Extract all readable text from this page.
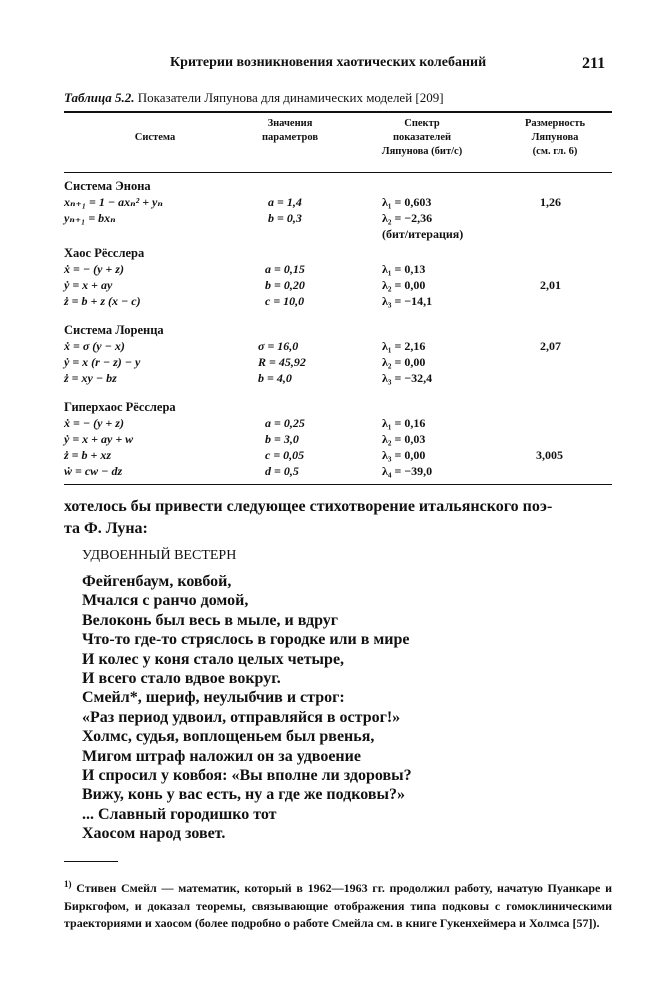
Критерии возникновения хаотических колебаний	211
Таблица 5.2. Показатели Ляпунова для динамических моделей [209]
Система
Значения
параметров
Спектр
показателей
Ляпунова (бит/с)
Размерность
Ляпунова
(см. гл. 6)
Система Энона
xₙ₊₁ = 1 − axₙ² + yₙ
yₙ₊₁ = bxₙ
a = 1,4
b = 0,3
λ₁ = 0,603
λ₂ = −2,36
(бит/итерация)
1,26
Хаос Рёсслера
ẋ = − (y + z)
ẏ = x + ay
ż = b + z (x − c)
a = 0,15
b = 0,20
c = 10,0
λ₁ = 0,13
λ₂ = 0,00
λ₃ = −14,1
2,01
Система Лоренца
ẋ = σ (y − x)
ẏ = x (r − z) − y
ż = xy − bz
σ = 16,0
R = 45,92
b = 4,0
λ₁ = 2,16
λ₂ = 0,00
λ₃ = −32,4
2,07
Гиперхаос Рёсслера
ẋ = − (y + z)
ẏ = x + ay + w
ż = b + xz
ẇ = cw − dz
a = 0,25
b = 3,0
c = 0,05
d = 0,5
λ₁ = 0,16
λ₂ = 0,03
λ₃ = 0,00
λ₄ = −39,0
3,005
хотелось бы привести следующее стихотворение итальянского поэ-
та Ф. Луна:
УДВОЕННЫЙ ВЕСТЕРН
Фейгенбаум, ковбой,
Мчался с ранчо домой,
Велоконь был весь в мыле, и вдруг
Что-то где-то стряслось в городке или в мире
И колес у коня стало целых четыре,
И всего стало вдвое вокруг.
Смейл*, шериф, неулыбчив и строг:
«Раз период удвоил, отправляйся в острог!»
Холмс, судья, воплощеньем был рвенья,
Мигом штраф наложил он за удвоение
И спросил у ковбоя: «Вы вполне ли здоровы?
Вижу, конь у вас есть, ну а где же подковы?»
... Славный городишко тот
Хаосом народ зовет.
$^{1)}$ Стивен Смейл — математик, который в 1962—1963 гг. продолжил работу, начатую Пуанкаре и Биркгофом, и доказал теоремы, связывающие отображения типа подковы с гомоклиническими траекториями и хаосом (более подробно о работе Смейла см. в книге Гукенхеймера и Холмса [57]).
